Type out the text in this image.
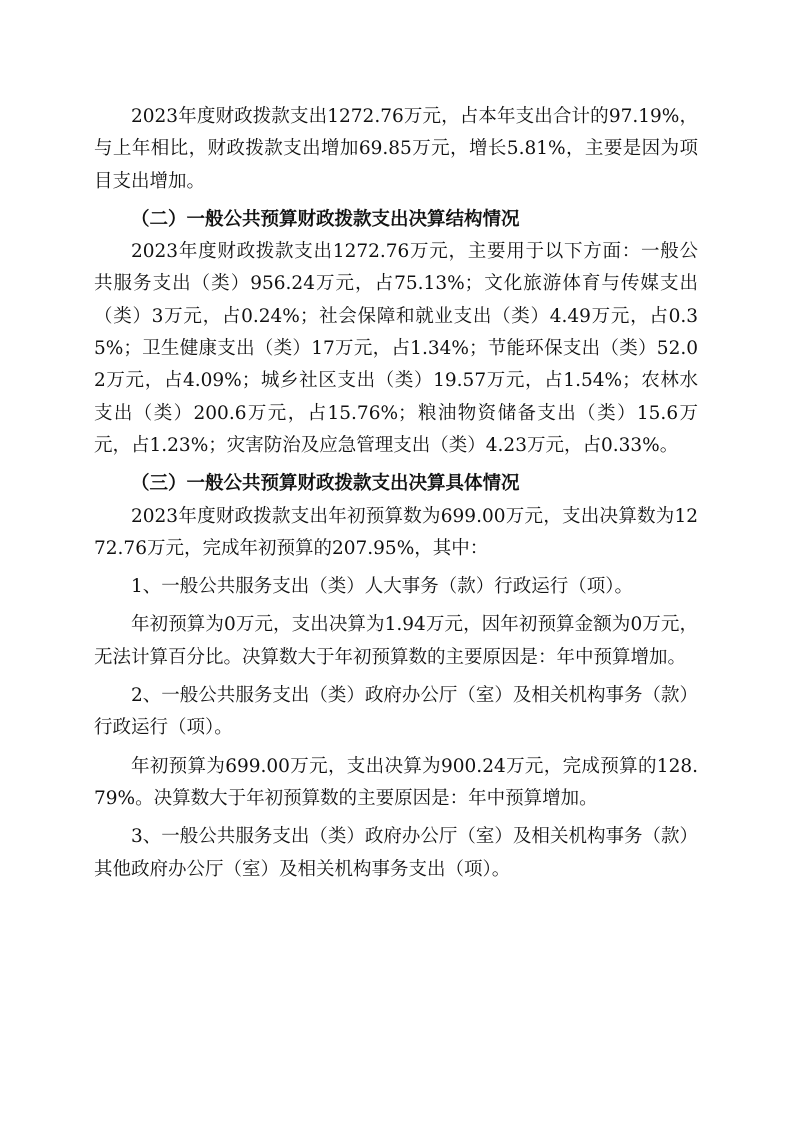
2023年度财政拨款支出1272.76万元，占本年支出合计的97.19%，与上年相比，财政拨款支出增加69.85万元，增长5.81%，主要是因为项目支出增加。

（二）一般公共预算财政拨款支出决算结构情况

2023年度财政拨款支出1272.76万元，主要用于以下方面：一般公共服务支出（类）956.24万元，占75.13%；文化旅游体育与传媒支出（类）3万元，占0.24%；社会保障和就业支出（类）4.49万元，占0.35%；卫生健康支出（类）17万元，占1.34%；节能环保支出（类）52.02万元，占4.09%；城乡社区支出（类）19.57万元，占1.54%；农林水支出（类）200.6万元，占15.76%；粮油物资储备支出（类）15.6万元，占1.23%；灾害防治及应急管理支出（类）4.23万元，占0.33%。

（三）一般公共预算财政拨款支出决算具体情况

2023年度财政拨款支出年初预算数为699.00万元，支出决算数为1272.76万元，完成年初预算的207.95%，其中：

1、一般公共服务支出（类）人大事务（款）行政运行（项）。

年初预算为0万元，支出决算为1.94万元，因年初预算金额为0万元，无法计算百分比。决算数大于年初预算数的主要原因是：年中预算增加。

2、一般公共服务支出（类）政府办公厅（室）及相关机构事务（款）行政运行（项）。

年初预算为699.00万元，支出决算为900.24万元，完成预算的128.79%。决算数大于年初预算数的主要原因是：年中预算增加。

3、一般公共服务支出（类）政府办公厅（室）及相关机构事务（款）其他政府办公厅（室）及相关机构事务支出（项）。
